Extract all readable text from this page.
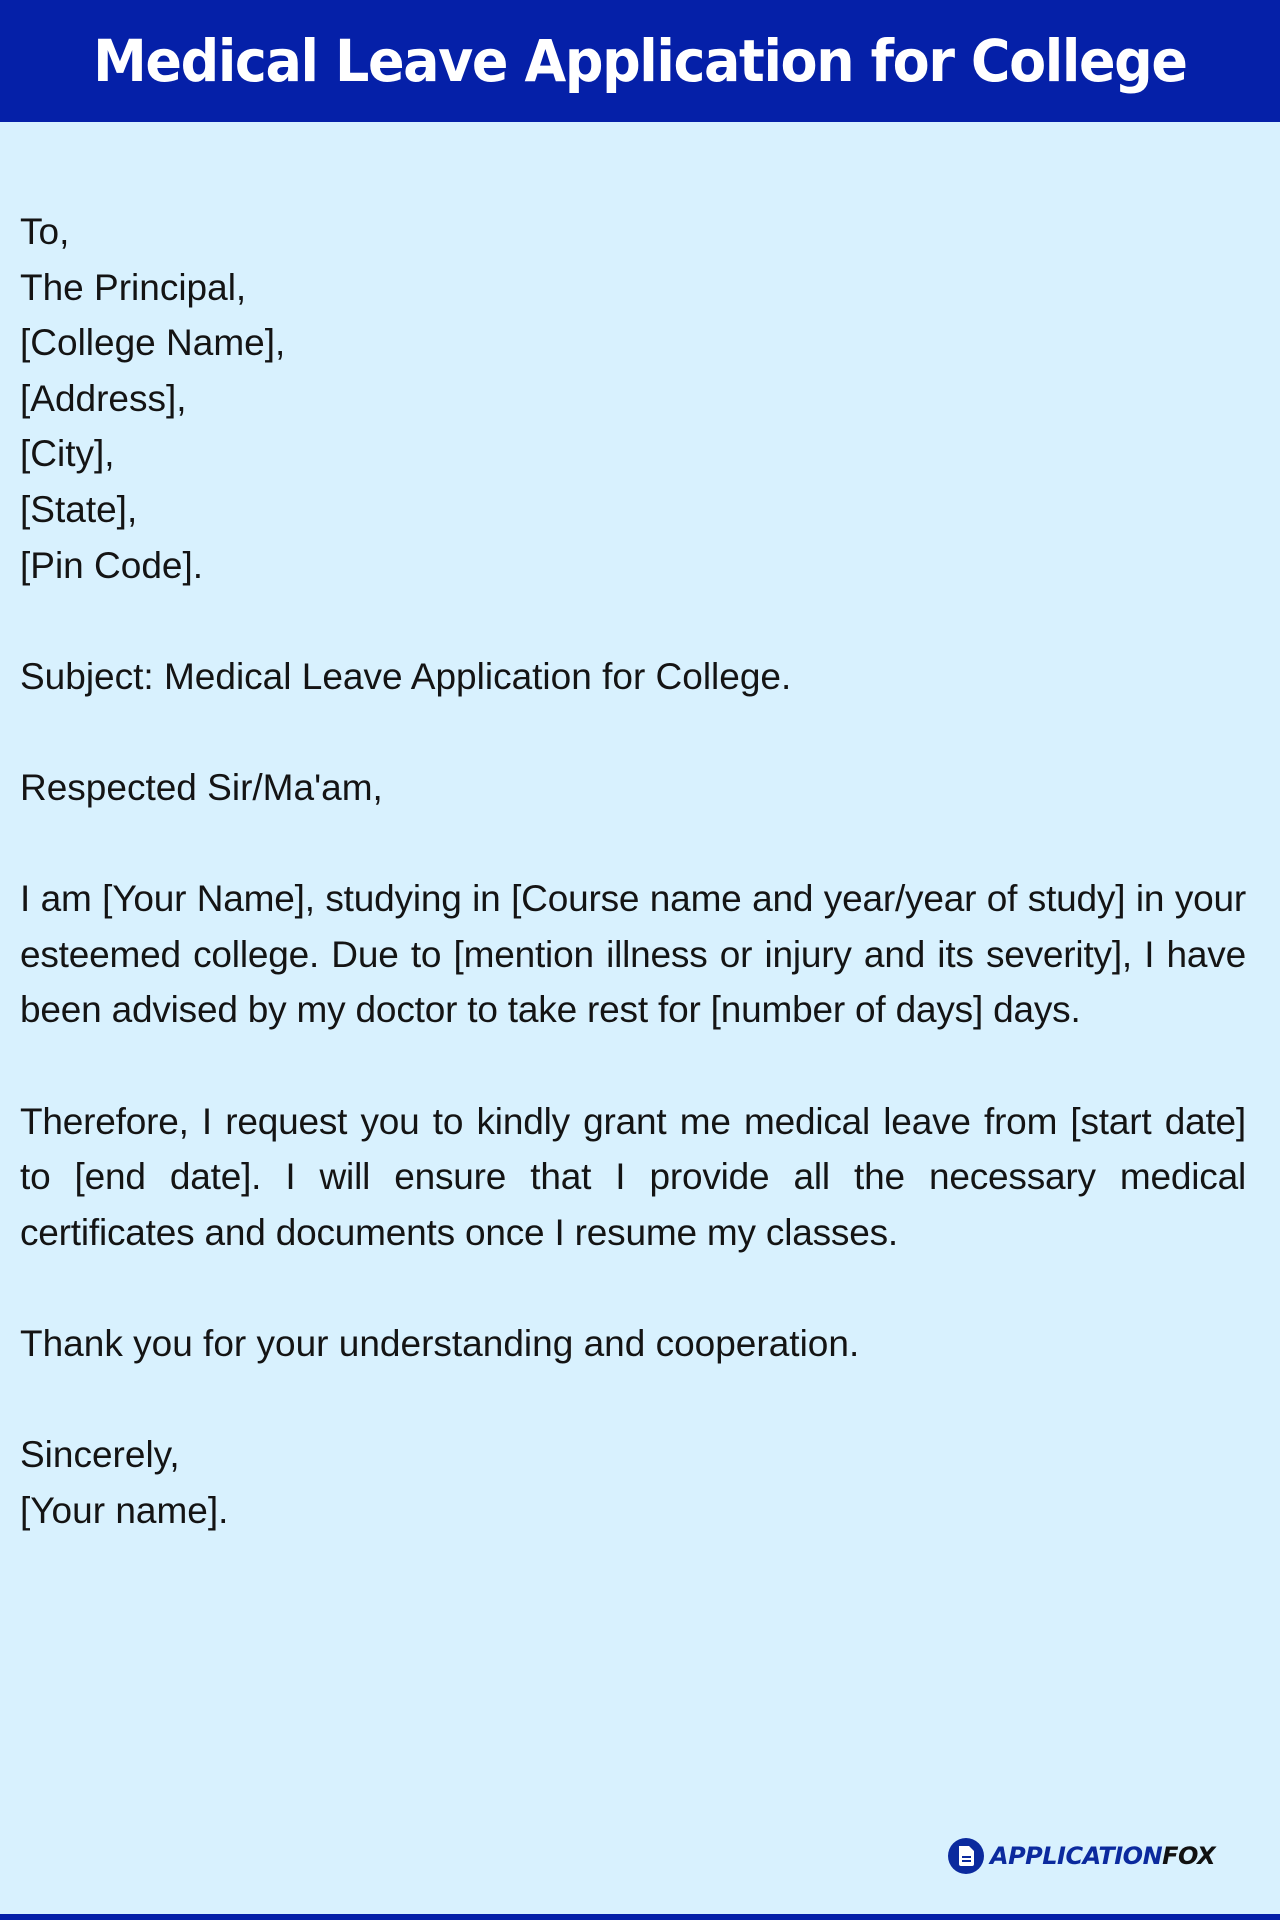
Medical Leave Application for College
To,
The Principal,
[College Name],
[Address],
[City],
[State],
[Pin Code].
Subject: Medical Leave Application for College.
Respected Sir/Ma'am,
I am [Your Name], studying in [Course name and year/year of study] in your esteemed college. Due to [mention illness or injury and its severity], I have been advised by my doctor to take rest for [number of days] days.
Therefore, I request you to kindly grant me medical leave from [start date] to [end date]. I will ensure that I provide all the necessary medical certificates and documents once I resume my classes.
Thank you for your understanding and cooperation.
Sincerely,
[Your name].
APPLICATIONFOX
